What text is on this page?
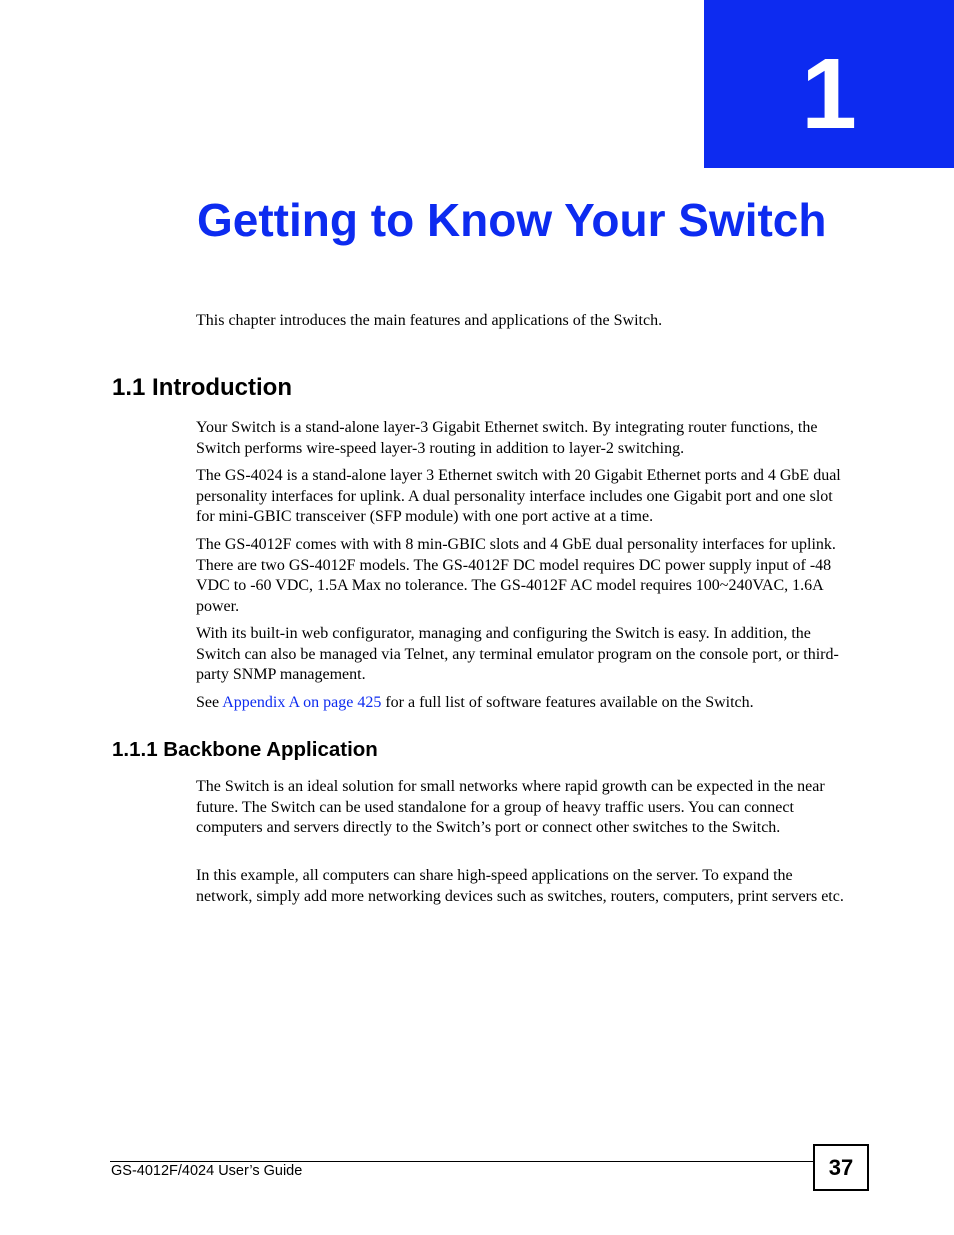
1
Getting to Know Your Switch

This chapter introduces the main features and applications of the Switch.

1.1 Introduction

Your Switch is a stand-alone layer-3 Gigabit Ethernet switch. By integrating router functions, the Switch performs wire-speed layer-3 routing in addition to layer-2 switching.

The GS-4024 is a stand-alone layer 3 Ethernet switch with 20 Gigabit Ethernet ports and 4 GbE dual personality interfaces for uplink. A dual personality interface includes one Gigabit port and one slot for mini-GBIC transceiver (SFP module) with one port active at a time.

The GS-4012F comes with with 8 min-GBIC slots and 4 GbE dual personality interfaces for uplink. There are two GS-4012F models. The GS-4012F DC model requires DC power supply input of -48 VDC to -60 VDC, 1.5A Max no tolerance. The GS-4012F AC model requires 100~240VAC, 1.6A power.

With its built-in web configurator, managing and configuring the Switch is easy. In addition, the Switch can also be managed via Telnet, any terminal emulator program on the console port, or third-party SNMP management.

See Appendix A on page 425 for a full list of software features available on the Switch.

1.1.1 Backbone Application

The Switch is an ideal solution for small networks where rapid growth can be expected in the near future. The Switch can be used standalone for a group of heavy traffic users. You can connect computers and servers directly to the Switch’s port or connect other switches to the Switch.

In this example, all computers can share high-speed applications on the server. To expand the network, simply add more networking devices such as switches, routers, computers, print servers etc.

GS-4012F/4024 User’s Guide	37
